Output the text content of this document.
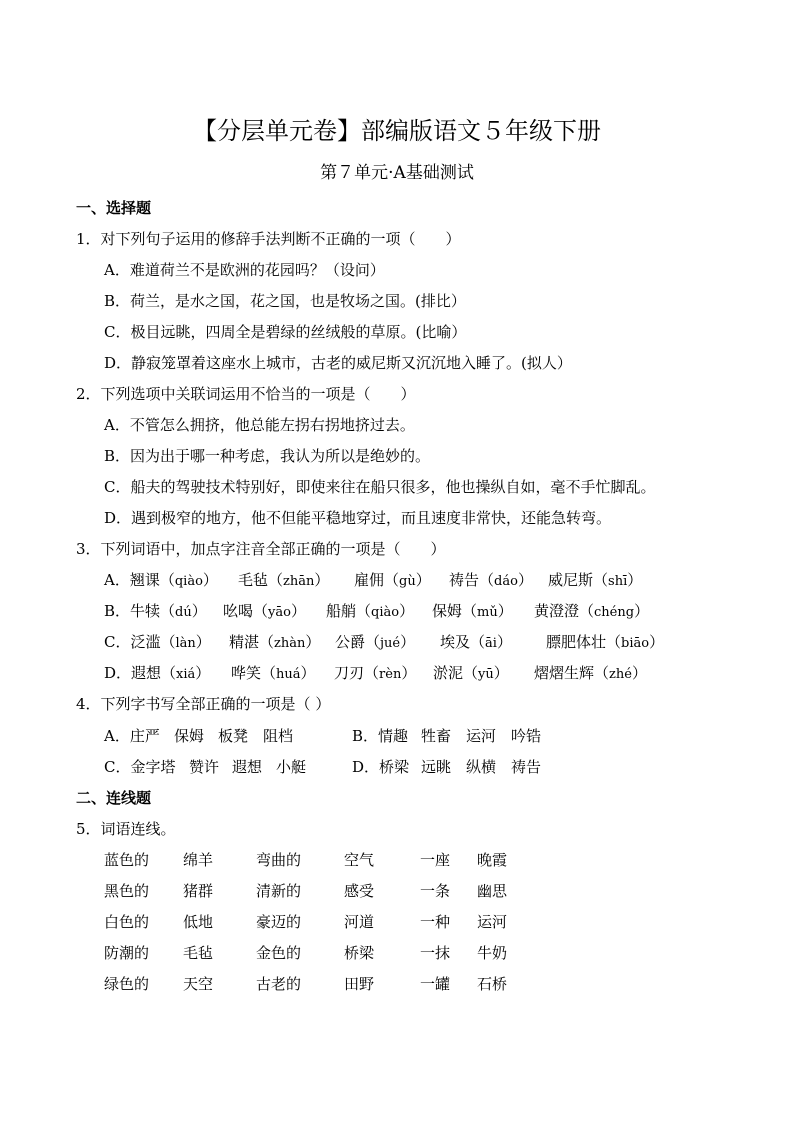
【分层单元卷】部编版语文５年级下册
第７单元·A基础测试
一、选择题
1．对下列句子运用的修辞手法判断不正确的一项（　　）
A．难道荷兰不是欧洲的花园吗？（设问）
B．荷兰，是水之国，花之国，也是牧场之国。(排比）
C．极目远眺，四周全是碧绿的丝绒般的草原。(比喻）
D．静寂笼罩着这座水上城市，古老的威尼斯又沉沉地入睡了。(拟人）
2．下列选项中关联词运用不恰当的一项是（　　）
A．不管怎么拥挤，他总能左拐右拐地挤过去。
B．因为出于哪一种考虑，我认为所以是绝妙的。
C．船夫的驾驶技术特别好，即使来往在船只很多，他也操纵自如，毫不手忙脚乱。
D．遇到极窄的地方，他不但能平稳地穿过，而且速度非常快，还能急转弯。
3．下列词语中，加点字注音全部正确的一项是（　　）
A．翘课（qiào） 毛毡（zhān） 雇佣（gù） 祷告（dáo） 威尼斯（shī）
B．牛犊（dú） 吆喝（yāo） 船艄（qiào） 保姆（mǔ） 黄澄澄（chéng）
C．泛滥（làn） 精湛（zhàn） 公爵（jué） 埃及（āi） 膘肥体壮（biāo）
D．遐想（xiá） 哗笑（huá） 刀刃（rèn） 淤泥（yū） 熠熠生辉（zhé）
4．下列字书写全部正确的一项是（ ）
A．庄严 保姆 板凳 阻档	B．情趣 牲畜 运河 吟锆
C．金字塔 赞许 遐想 小艇	D．桥梁 远眺 纵横 祷告
二、连线题
5．词语连线。
蓝色的 绵羊	弯曲的	空气	一座 晚霞
黑色的 猪群	清新的	感受	一条 幽思
白色的 低地	豪迈的	河道	一种 运河
防潮的 毛毡	金色的	桥梁	一抹 牛奶
绿色的 天空	古老的	田野	一罐 石桥
